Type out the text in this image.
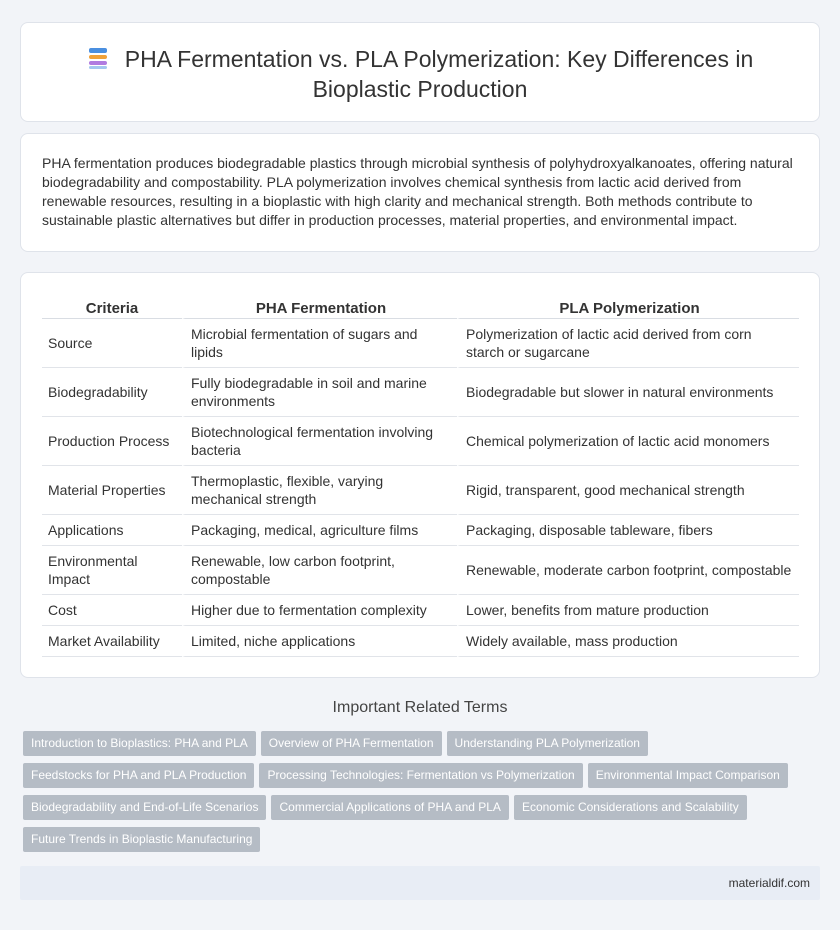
PHA Fermentation vs. PLA Polymerization: Key Differences in
Bioplastic Production

PHA fermentation produces biodegradable plastics through microbial synthesis of polyhydroxyalkanoates, offering natural biodegradability and compostability. PLA polymerization involves chemical synthesis from lactic acid derived from renewable resources, resulting in a bioplastic with high clarity and mechanical strength. Both methods contribute to sustainable plastic alternatives but differ in production processes, material properties, and environmental impact.

Criteria	PHA Fermentation	PLA Polymerization
Source	Microbial fermentation of sugars and lipids	Polymerization of lactic acid derived from corn starch or sugarcane
Biodegradability	Fully biodegradable in soil and marine environments	Biodegradable but slower in natural environments
Production Process	Biotechnological fermentation involving bacteria	Chemical polymerization of lactic acid monomers
Material Properties	Thermoplastic, flexible, varying mechanical strength	Rigid, transparent, good mechanical strength
Applications	Packaging, medical, agriculture films	Packaging, disposable tableware, fibers
Environmental Impact	Renewable, low carbon footprint, compostable	Renewable, moderate carbon footprint, compostable
Cost	Higher due to fermentation complexity	Lower, benefits from mature production
Market Availability	Limited, niche applications	Widely available, mass production
Important Related Terms
Introduction to Bioplastics: PHA and PLA Overview of PHA Fermentation Understanding PLA Polymerization
Feedstocks for PHA and PLA Production Processing Technologies: Fermentation vs Polymerization Environmental Impact Comparison
Biodegradability and End-of-Life Scenarios Commercial Applications of PHA and PLA Economic Considerations and Scalability
Future Trends in Bioplastic Manufacturing
materialdif.com
